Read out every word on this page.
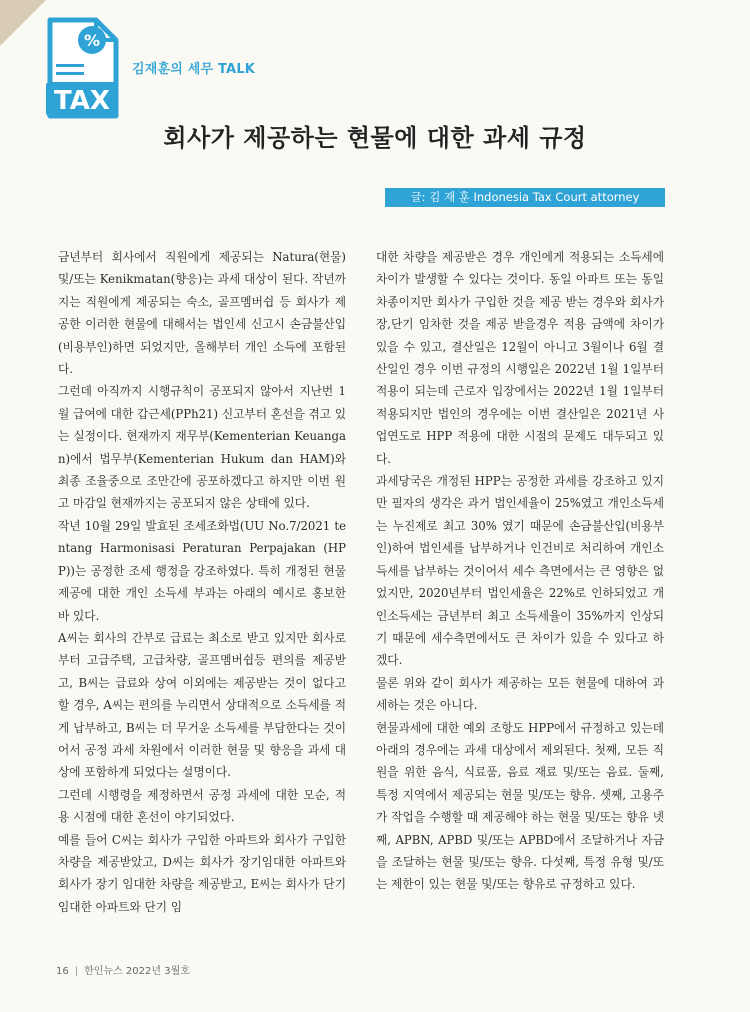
%
TAX
김재훈의 세무 TALK
회사가 제공하는 현물에 대한 과세 규정
글: 김 재 훈 Indonesia Tax Court attorney

금년부터 회사에서 직원에게 제공되는 Natura(현물) 및/또는 Kenikmatan(향응)는 과세 대상이 된다. 작년까지는 직원에게 제공되는 숙소, 골프멤버쉽 등 회사가 제공한 이러한 현물에 대해서는 법인세 신고시 손금불산입(비용부인)하면 되었지만, 올해부터 개인 소득에 포함된다.

그런데 아직까지 시행규칙이 공포되지 않아서 지난번 1월 급여에 대한 갑근세(PPh21) 신고부터 혼선을 겪고 있는 실정이다. 현재까지 재무부(Kementerian Keuangan)에서 법무부(Kementerian Hukum dan HAM)와 최종 조율중으로 조만간에 공포하겠다고 하지만 이번 원고 마감일 현재까지는 공포되지 않은 상태에 있다.

작년 10월 29일 발효된 조세조화법(UU No.7/2021 tentang Harmonisasi Peraturan Perpajakan (HPP))는 공정한 조세 행정을 강조하였다. 특히 개정된 현물 제공에 대한 개인 소득세 부과는 아래의 예시로 홍보한 바 있다.

A씨는 회사의 간부로 급료는 최소로 받고 있지만 회사로부터 고급주택, 고급차량, 골프멤버쉽등 편의를 제공받고, B씨는 급료와 상여 이외에는 제공받는 것이 없다고 할 경우, A씨는 편의를 누리면서 상대적으로 소득세를 적게 납부하고, B씨는 더 무거운 소득세를 부담한다는 것이어서 공정 과세 차원에서 이러한 현물 및 향응을 과세 대상에 포함하게 되었다는 설명이다.

그런데 시행령을 제정하면서 공정 과세에 대한 모순, 적용 시점에 대한 혼선이 야기되었다.

예를 들어 C씨는 회사가 구입한 아파트와 회사가 구입한 차량을 제공받았고, D씨는 회사가 장기임대한 아파트와 회사가 장기 임대한 차량을 제공받고, E씨는 회사가 단기 임대한 아파트와 단기 임

대한 차량을 제공받은 경우 개인에게 적용되는 소득세에 차이가 발생할 수 있다는 것이다. 동일 아파트 또는 동일 차종이지만 회사가 구입한 것을 제공 받는 경우와 회사가 장,단기 임차한 것을 제공 받을경우 적용 금액에 차이가 있을 수 있고, 결산일은 12월이 아니고 3월이나 6월 결산일인 경우 이번 규정의 시행일은 2022년 1월 1일부터 적용이 되는데 근로자 입장에서는 2022년 1월 1일부터 적용되지만 법인의 경우에는 이번 결산일은 2021년 사업연도로 HPP 적용에 대한 시점의 문제도 대두되고 있다.

과세당국은 개정된 HPP는 공정한 과세를 강조하고 있지만 필자의 생각은 과거 법인세율이 25%였고 개인소득세는 누진제로 최고 30% 였기 때문에 손금불산입(비용부인)하여 법인세를 납부하거나 인건비로 처리하여 개인소득세를 납부하는 것이어서 세수 측면에서는 큰 영향은 없었지만, 2020년부터 법인세율은 22%로 인하되었고 개인소득세는 금년부터 최고 소득세율이 35%까지 인상되기 때문에 세수측면에서도 큰 차이가 있을 수 있다고 하겠다.

물론 위와 같이 회사가 제공하는 모든 현물에 대하여 과세하는 것은 아니다.

현물과세에 대한 예외 조항도 HPP에서 규정하고 있는데 아래의 경우에는 과세 대상에서 제외된다. 첫째, 모든 직원을 위한 음식, 식료품, 음료 재료 및/또는 음료. 둘째, 특정 지역에서 제공되는 현물 및/또는 향유. 셋째, 고용주가 작업을 수행할 때 제공해야 하는 현물 및/또는 향유 넷째, APBN, APBD 및/또는 APBD에서 조달하거나 자금을 조달하는 현물 및/또는 향유. 다섯째, 특정 유형 및/또는 제한이 있는 현물 및/또는 향유로 규정하고 있다.

16 | 한인뉴스 2022년 3월호
